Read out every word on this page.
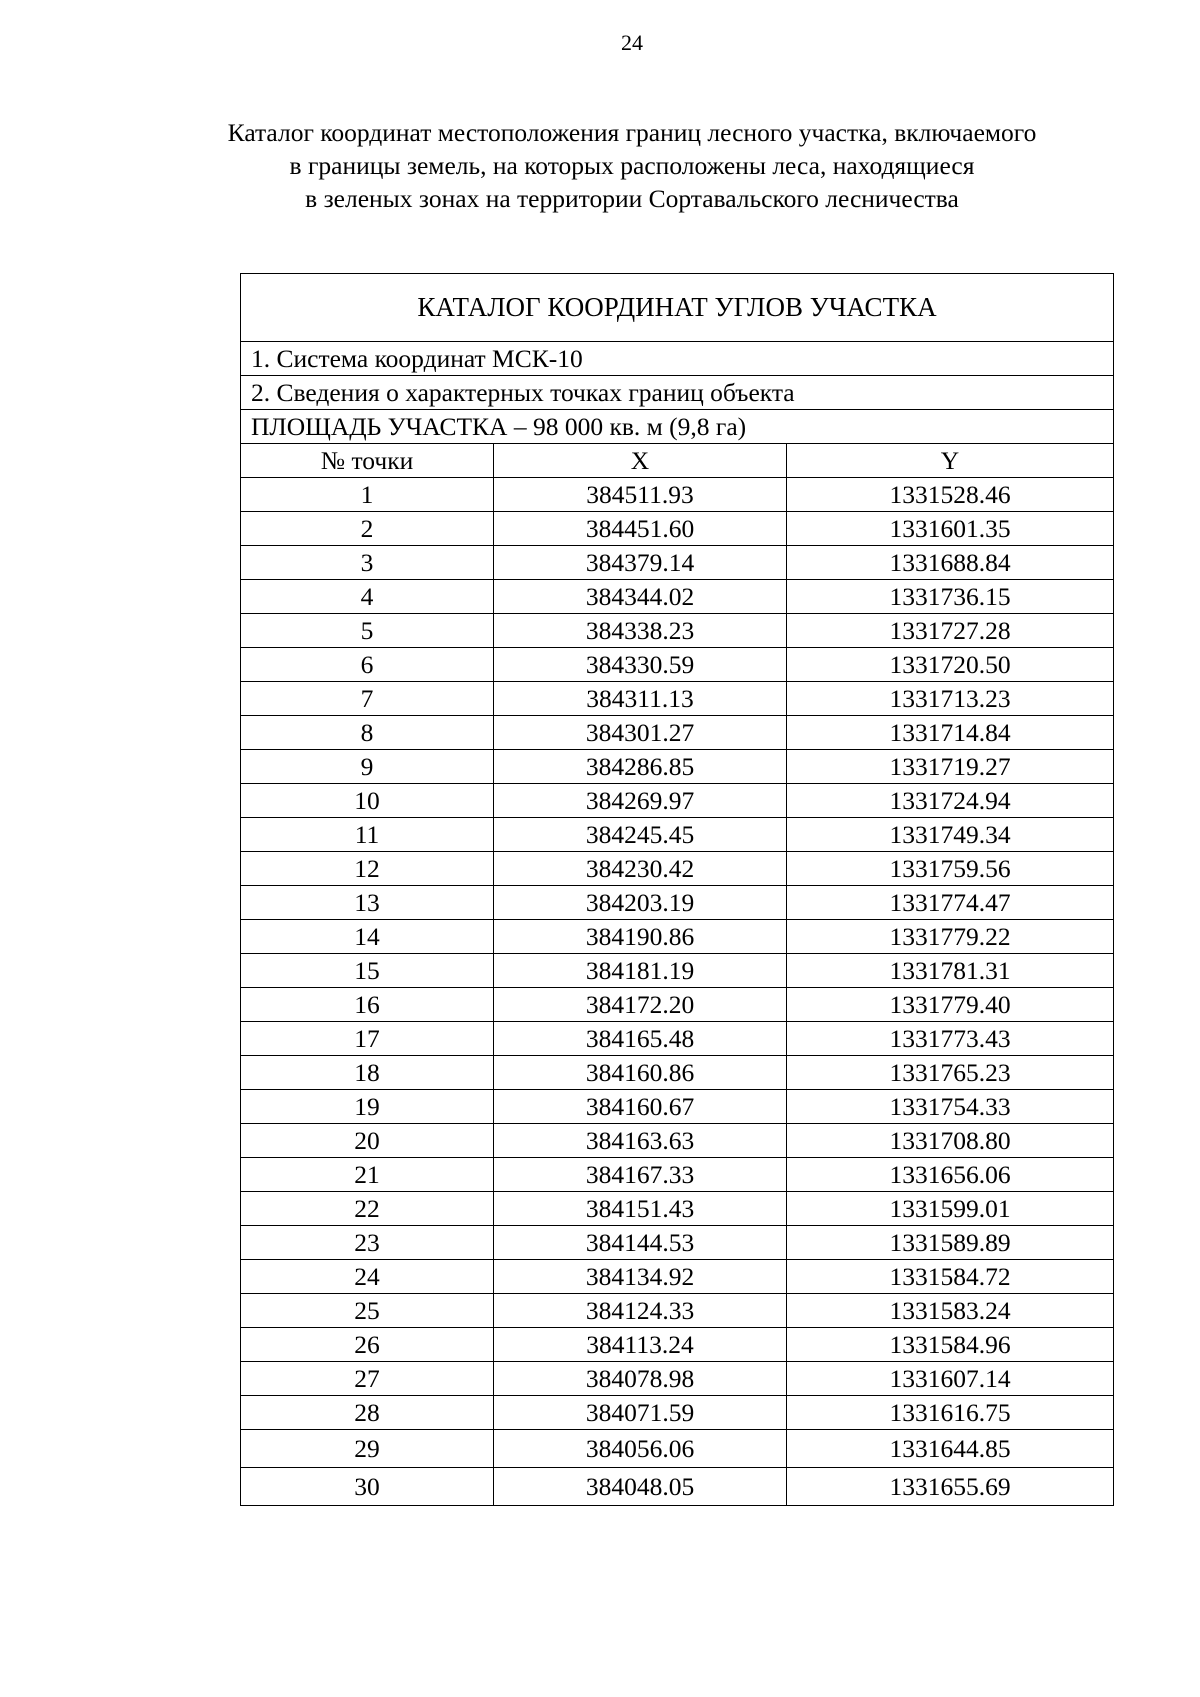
24
Каталог координат местоположения границ лесного участка, включаемого
в границы земель, на которых расположены леса, находящиеся
в зеленых зонах на территории Сортавальского лесничества
КАТАЛОГ КООРДИНАТ УГЛОВ УЧАСТКА		
1. Система координат МСК-10		
2. Сведения о характерных точках границ объекта		
ПЛОЩАДЬ УЧАСТКА – 98 000 кв. м (9,8 га)		
№ точки	X	Y
1	384511.93	1331528.46
2	384451.60	1331601.35
3	384379.14	1331688.84
4	384344.02	1331736.15
5	384338.23	1331727.28
6	384330.59	1331720.50
7	384311.13	1331713.23
8	384301.27	1331714.84
9	384286.85	1331719.27
10	384269.97	1331724.94
11	384245.45	1331749.34
12	384230.42	1331759.56
13	384203.19	1331774.47
14	384190.86	1331779.22
15	384181.19	1331781.31
16	384172.20	1331779.40
17	384165.48	1331773.43
18	384160.86	1331765.23
19	384160.67	1331754.33
20	384163.63	1331708.80
21	384167.33	1331656.06
22	384151.43	1331599.01
23	384144.53	1331589.89
24	384134.92	1331584.72
25	384124.33	1331583.24
26	384113.24	1331584.96
27	384078.98	1331607.14
28	384071.59	1331616.75
29	384056.06	1331644.85
30	384048.05	1331655.69
